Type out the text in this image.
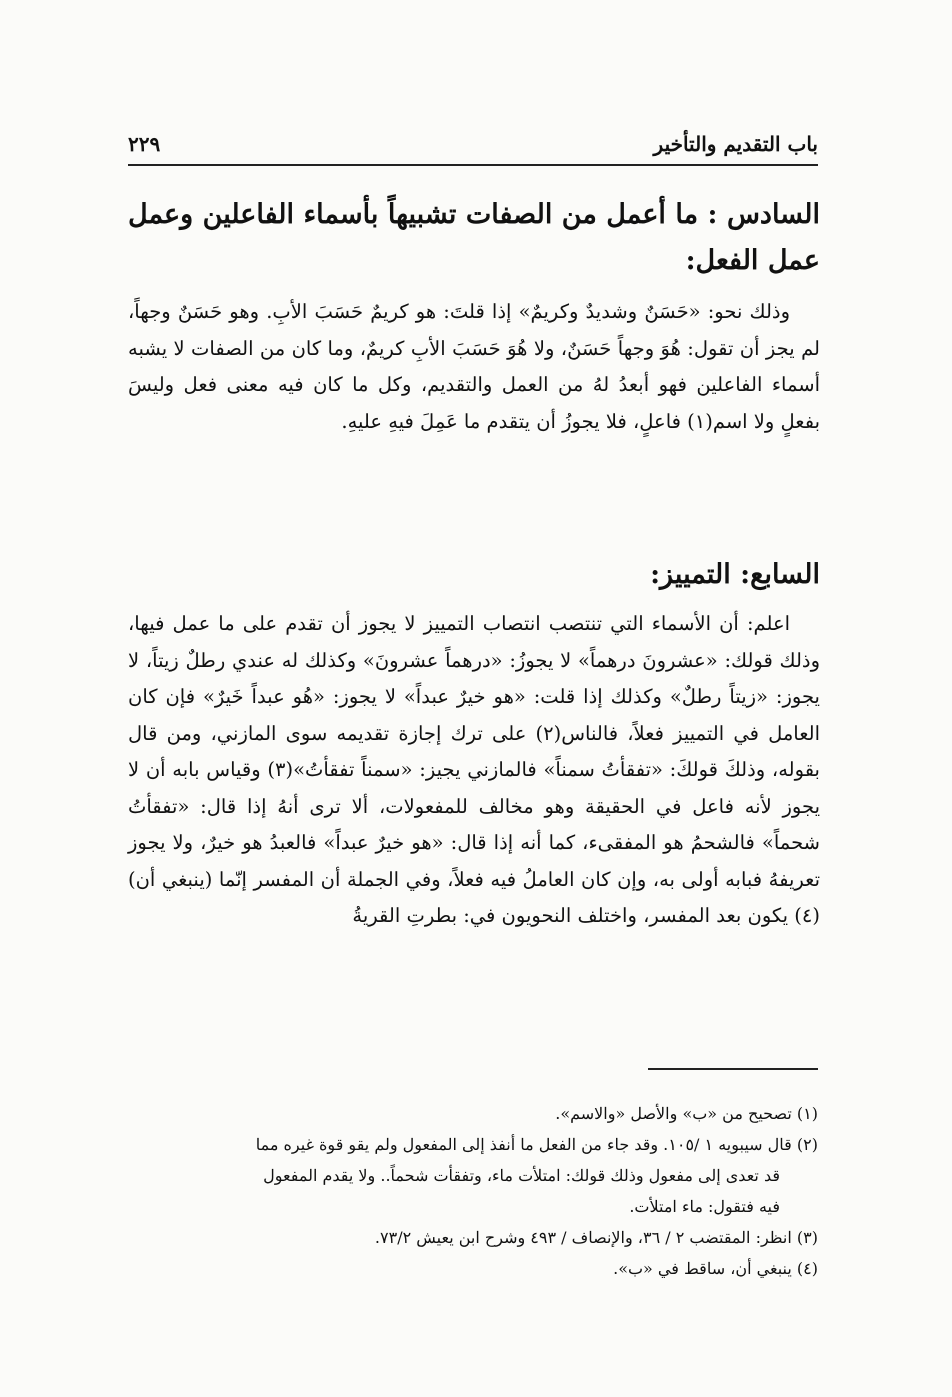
باب التقديم والتأخير
٢٢٩
السادس : ما أعمل من الصفات تشبيهاً بأسماء الفاعلين وعمل عمل الفعل:
وذلك نحو: «حَسَنٌ وشديدٌ وكريمٌ» إذا قلتَ: هو كريمٌ حَسَبَ الأبِ. وهو حَسَنٌ وجهاً، لم يجز أن تقول: هُوَ وجهاً حَسَنٌ، ولا هُوَ حَسَبَ الأبِ كريمٌ، وما كان من الصفات لا يشبه أسماء الفاعلين فهو أبعدُ لهُ من العمل والتقديم، وكل ما كان فيه معنى فعل وليسَ بفعلٍ ولا اسم(١) فاعلٍ، فلا يجوزُ أن يتقدم ما عَمِلَ فيهِ عليهِ.
السابع: التمييز:
اعلم: أن الأسماء التي تنتصب انتصاب التمييز لا يجوز أن تقدم على ما عمل فيها، وذلك قولك: «عشرونَ درهماً» لا يجوزُ: «درهماً عشرونَ» وكذلك له عندي رطلٌ زيتاً، لا يجوز: «زيتاً رطلٌ» وكذلك إذا قلت: «هو خيرٌ عبداً» لا يجوز: «هُو عبداً خَيرٌ» فإن كان العامل في التمييز فعلاً، فالناس(٢) على ترك إجازة تقديمه سوى المازني، ومن قال بقوله، وذلكَ قولكَ: «تفقأتُ سمناً» فالمازني يجيز: «سمناً تفقأتُ»(٣) وقياس بابه أن لا يجوز لأنه فاعل في الحقيقة وهو مخالف للمفعولات، ألا ترى أنهُ إذا قال: «تفقأتُ شحماً» فالشحمُ هو المفقىء، كما أنه إذا قال: «هو خيرٌ عبداً» فالعبدُ هو خيرٌ، ولا يجوز تعريفهُ فبابه أولى به، وإن كان العاملُ فيه فعلاً، وفي الجملة أن المفسر إنّما (ينبغي أن)(٤) يكون بعد المفسر، واختلف النحويون في: بطرتِ القريةُ

(١) تصحيح من «ب» والأصل «والاسم».

(٢) قال سيبويه ١ /١٠٥. وقد جاء من الفعل ما أنفذ إلى المفعول ولم يقو قوة غيره مما

قد تعدى إلى مفعول وذلك قولك: امتلأت ماء، وتفقأت شحماً.. ولا يقدم المفعول

فيه فتقول: ماء امتلأت.

(٣) انظر: المقتضب ٢ / ٣٦، والإنصاف / ٤٩٣ وشرح ابن يعيش ٧٣/٢.

(٤) ينبغي أن، ساقط في «ب».
